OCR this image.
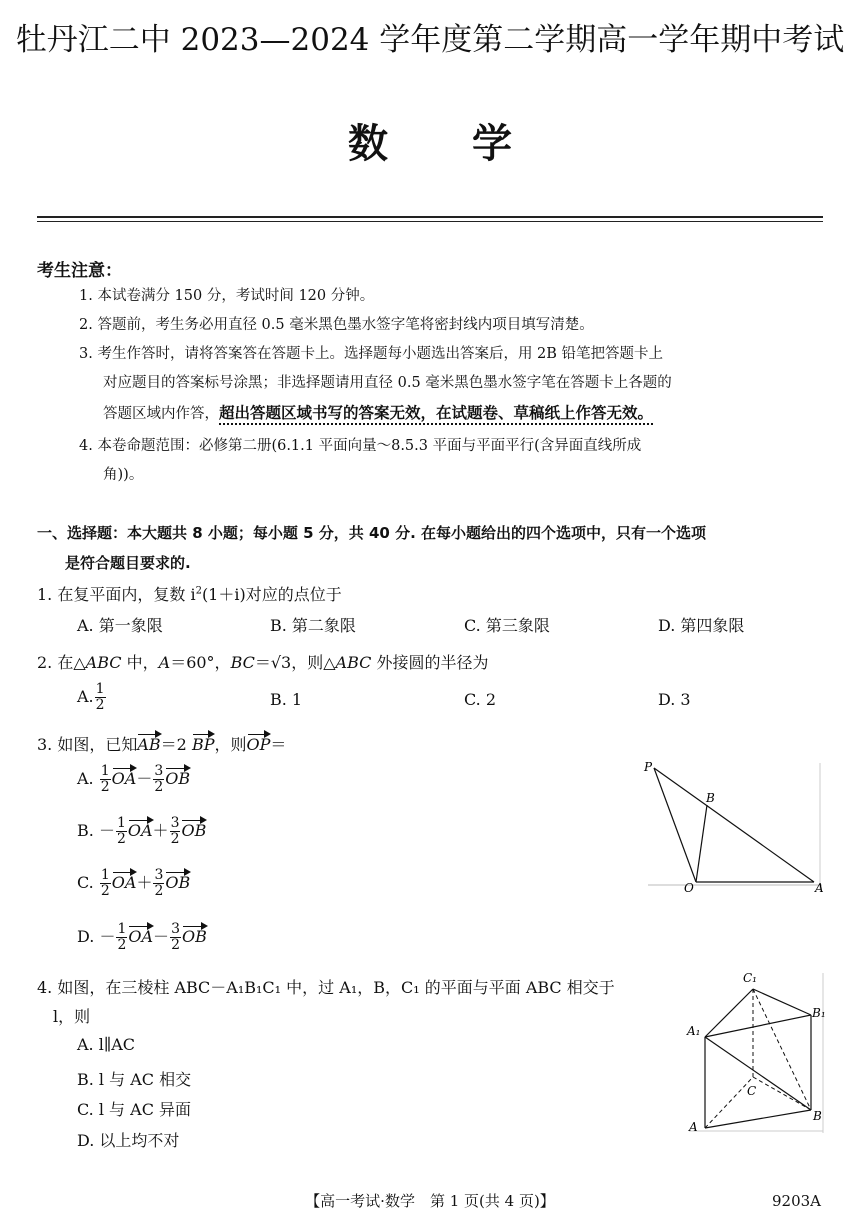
牡丹江二中 2023—2024 学年度第二学期高一学年期中考试
数学
考生注意：
1. 本试卷满分 150 分，考试时间 120 分钟。
2. 答题前，考生务必用直径 0.5 毫米黑色墨水签字笔将密封线内项目填写清楚。
3. 考生作答时，请将答案答在答题卡上。选择题每小题选出答案后，用 2B 铅笔把答题卡上
对应题目的答案标号涂黑；非选择题请用直径 0.5 毫米黑色墨水签字笔在答题卡上各题的
答题区域内作答，超出答题区域书写的答案无效，在试题卷、草稿纸上作答无效。
4. 本卷命题范围：必修第二册(6.1.1 平面向量～8.5.3 平面与平面平行(含异面直线所成
角))。
一、选择题：本大题共 8 小题；每小题 5 分，共 40 分. 在每小题给出的四个选项中，只有一个选项
是符合题目要求的.
1. 在复平面内，复数 $i^2(1+i)$对应的点位于
A. 第一象限	B. 第二象限	C. 第三象限	D. 第四象限
2. 在△ABC 中，A＝60°，BC＝√3，则△ABC 外接圆的半径为
A. $\frac{1}{2}$	B. 1	C. 2	D. 3
3. 如图，已知AB＝2 BP，则OP＝
A. $\frac{1}{2} OA- \frac{3}{2}$ OB
B. － $\frac{1}{2} OA+ \frac{3}{2}$ OB
C. $\frac{1}{2} OA+ \frac{3}{2}$ OB
D. － $\frac{1}{2} OA- \frac{3}{2}$ OB
P
B
O	A
4. 如图，在三棱柱 ABC－A₁B₁C₁ 中，过 A₁，B，C₁ 的平面与平面 ABC 相交于
l，则
A. l∥AC
B. l 与 AC 相交
C. l 与 AC 异面
D. 以上均不对
C₁
A₁
B₁
C
A
B
【高一考试·数学　第 1 页(共 4 页)】	9203A
